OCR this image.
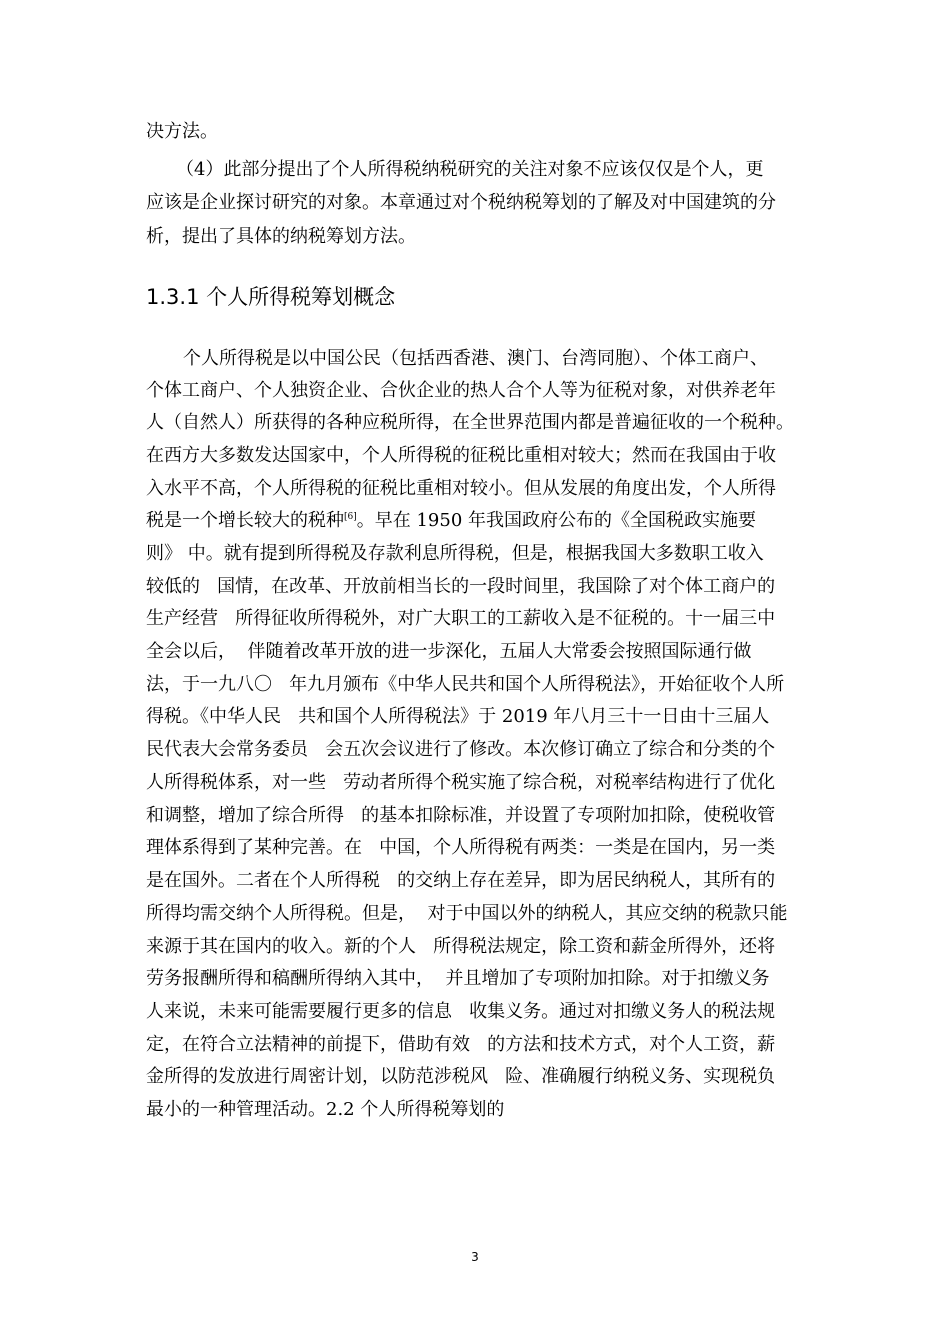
决方法。
（4）此部分提出了个人所得税纳税研究的关注对象不应该仅仅是个人，更
应该是企业探讨研究的对象。本章通过对个税纳税筹划的了解及对中国建筑的分
析，提出了具体的纳税筹划方法。
1.3.1 个人所得税筹划概念
个人所得税是以中国公民（包括西香港、澳门、台湾同胞）、个体工商户、
个体工商户、个人独资企业、合伙企业的热人合个人等为征税对象，对供养老年
人（自然人）所获得的各种应税所得，在全世界范围内都是普遍征收的一个税种。
在西方大多数发达国家中，个人所得税的征税比重相对较大；然而在我国由于收
入水平不高，个人所得税的征税比重相对较小。但从发展的角度出发，个人所得
税是一个增长较大的税种[6]。早在 1950 年我国政府公布的《全国税政实施要
则》 中。就有提到所得税及存款利息所得税，但是，根据我国大多数职工收入
较低的   国情，在改革、开放前相当长的一段时间里，我国除了对个体工商户的
生产经营   所得征收所得税外，对广大职工的工薪收入是不征税的。十一届三中
全会以后，  伴随着改革开放的进一步深化，五届人大常委会按照国际通行做
法，于一九八〇   年九月颁布《中华人民共和国个人所得税法》，开始征收个人所
得税。《中华人民   共和国个人所得税法》于 2019 年八月三十一日由十三届人
民代表大会常务委员   会五次会议进行了修改。本次修订确立了综合和分类的个
人所得税体系，对一些   劳动者所得个税实施了综合税，对税率结构进行了优化
和调整，增加了综合所得   的基本扣除标准，并设置了专项附加扣除，使税收管
理体系得到了某种完善。在   中国，个人所得税有两类：一类是在国内，另一类
是在国外。二者在个人所得税   的交纳上存在差异，即为居民纳税人，其所有的
所得均需交纳个人所得税。但是，  对于中国以外的纳税人，其应交纳的税款只能
来源于其在国内的收入。新的个人   所得税法规定，除工资和薪金所得外，还将
劳务报酬所得和稿酬所得纳入其中，  并且增加了专项附加扣除。对于扣缴义务
人来说，未来可能需要履行更多的信息   收集义务。通过对扣缴义务人的税法规
定，在符合立法精神的前提下，借助有效   的方法和技术方式，对个人工资，薪
金所得的发放进行周密计划，以防范涉税风   险、准确履行纳税义务、实现税负
最小的一种管理活动。2.2 个人所得税筹划的
3
